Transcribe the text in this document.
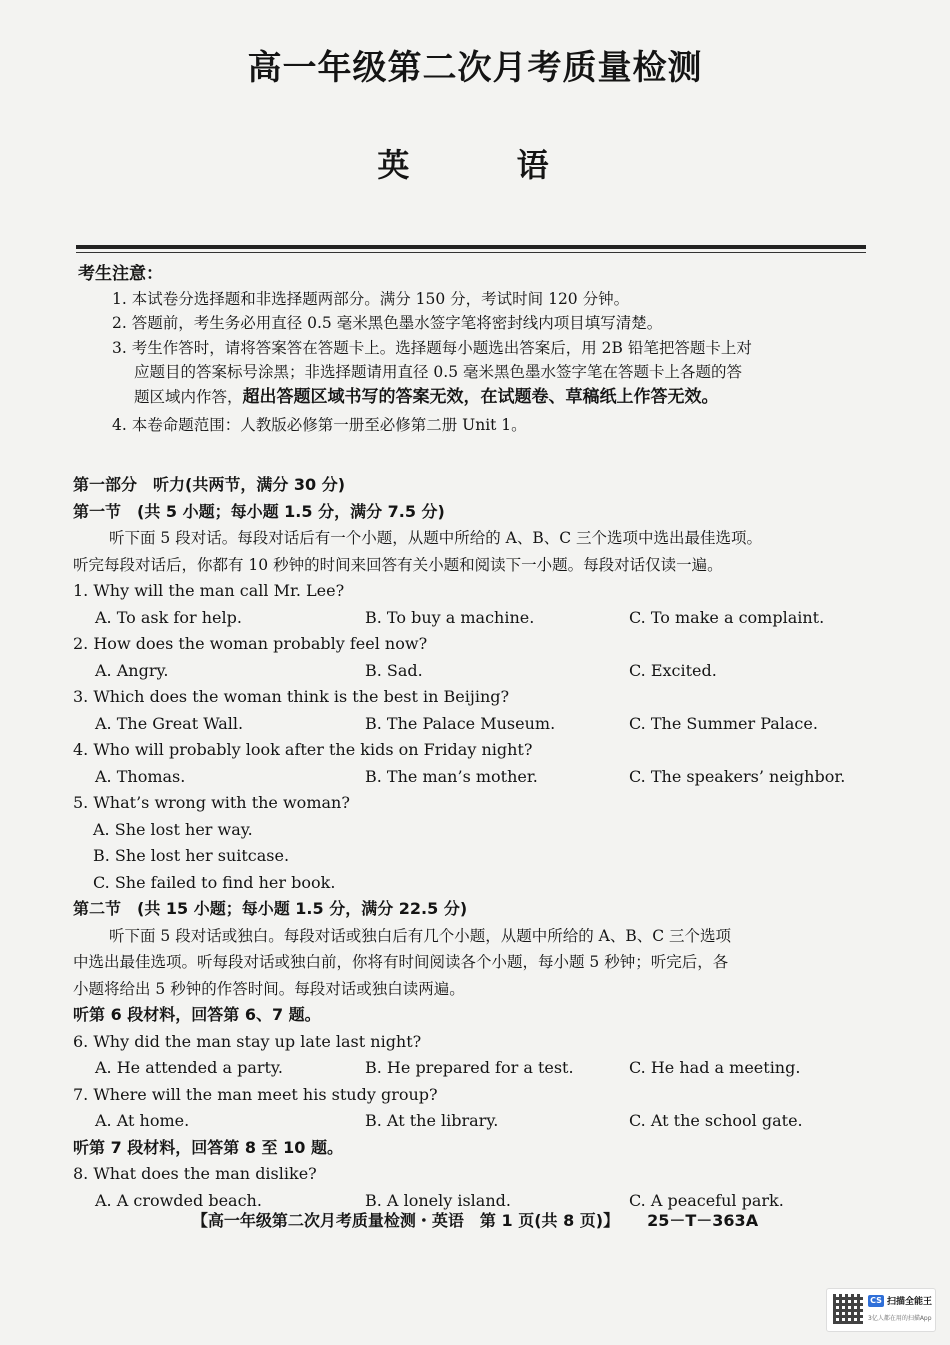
高一年级第二次月考质量检测
英 语

考生注意：

1. 本试卷分选择题和非选择题两部分。满分 150 分，考试时间 120 分钟。

2. 答题前，考生务必用直径 0.5 毫米黑色墨水签字笔将密封线内项目填写清楚。

3. 考生作答时，请将答案答在答题卡上。选择题每小题选出答案后，用 2B 铅笔把答题卡上对

应题目的答案标号涂黑；非选择题请用直径 0.5 毫米黑色墨水签字笔在答题卡上各题的答

题区域内作答，超出答题区域书写的答案无效，在试题卷、草稿纸上作答无效。

4. 本卷命题范围：人教版必修第一册至必修第二册 Unit 1。

第一部分　听力(共两节，满分 30 分)
第一节　(共 5 小题；每小题 1.5 分，满分 7.5 分)
听下面 5 段对话。每段对话后有一个小题，从题中所给的 A、B、C 三个选项中选出最佳选项。
听完每段对话后，你都有 10 秒钟的时间来回答有关小题和阅读下一小题。每段对话仅读一遍。
1. Why will the man call Mr. Lee?
A. To ask for help.	B. To buy a machine.	C. To make a complaint.
2. How does the woman probably feel now?
A. Angry.	B. Sad.	C. Excited.
3. Which does the woman think is the best in Beijing?
A. The Great Wall.	B. The Palace Museum.	C. The Summer Palace.
4. Who will probably look after the kids on Friday night?
A. Thomas.	B. The man’s mother.	C. The speakers’ neighbor.
5. What’s wrong with the woman?
A. She lost her way.
B. She lost her suitcase.
C. She failed to find her book.
第二节　(共 15 小题；每小题 1.5 分，满分 22.5 分)
听下面 5 段对话或独白。每段对话或独白后有几个小题，从题中所给的 A、B、C 三个选项
中选出最佳选项。听每段对话或独白前，你将有时间阅读各个小题，每小题 5 秒钟；听完后，各
小题将给出 5 秒钟的作答时间。每段对话或独白读两遍。
听第 6 段材料，回答第 6、7 题。
6. Why did the man stay up late last night?
A. He attended a party.	B. He prepared for a test.	C. He had a meeting.
7. Where will the man meet his study group?
A. At home.	B. At the library.	C. At the school gate.
听第 7 段材料，回答第 8 至 10 题。
8. What does the man dislike?
A. A crowded beach.	B. A lonely island.	C. A peaceful park.
【高一年级第二次月考质量检测・英语　第 1 页(共 8 页)】 25－T－363A
CS 扫描全能王
3亿人都在用的扫描App
